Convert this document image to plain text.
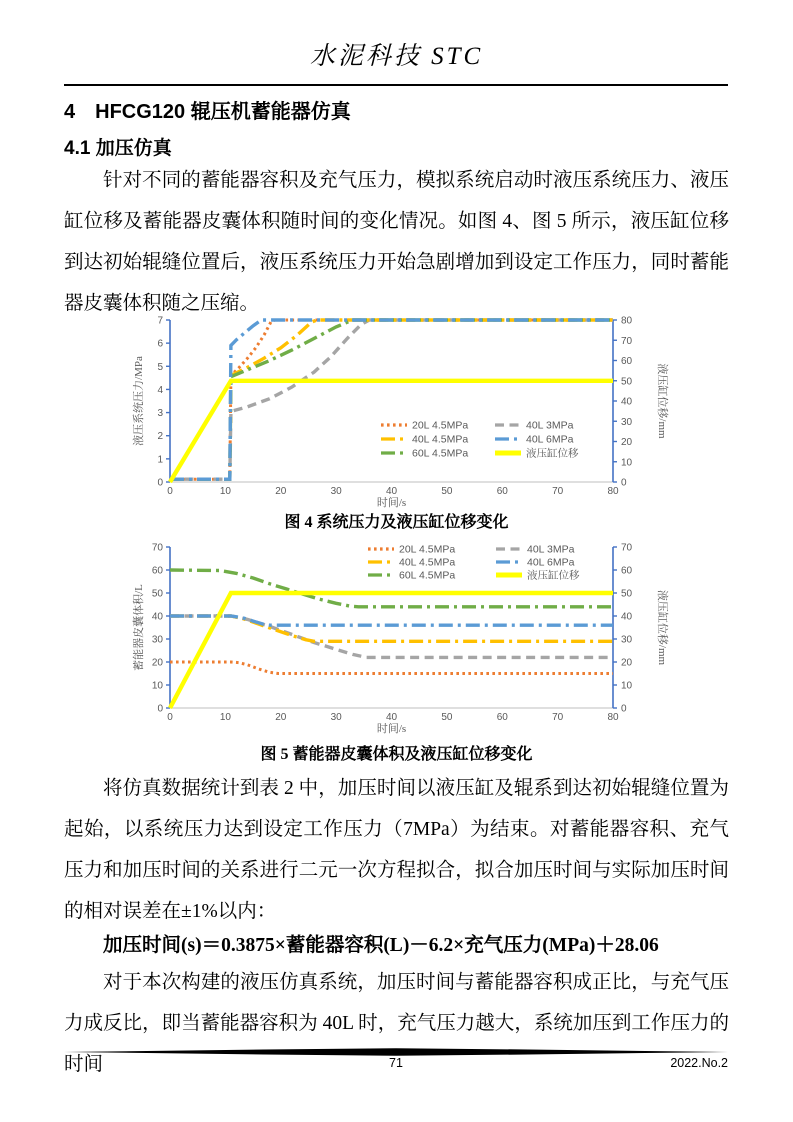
水泥科技 STC
4　HFCG120 辊压机蓄能器仿真
4.1 加压仿真
针对不同的蓄能器容积及充气压力，模拟系统启动时液压系统压力、液压缸位移及蓄能器皮囊体积随时间的变化情况。如图 4、图 5 所示，液压缸位移到达初始辊缝位置后，液压系统压力开始急剧增加到设定工作压力，同时蓄能器皮囊体积随之压缩。
0
1
2
3
4
5
6
7
0
10
20
30
40
50
60
70
80
0	10	20	30	40	50	60	70	80
液压系统压力/MPa	液压缸位移/mm
时间/s
20L 4.5MPa	40L 3MPa
40L 4.5MPa	40L 6MPa
60L 4.5MPa	液压缸位移
图 4 系统压力及液压缸位移变化
0
10
20
30
40
50
60
70
0
10
20
30
40
50
60
70
0	10	20	30	40	50	60	70	80
蓄能器皮囊体积/L	液压缸位移/mm
时间/s
20L 4.5MPa	40L 3MPa
40L 4.5MPa	40L 6MPa
60L 4.5MPa	液压缸位移
图 5 蓄能器皮囊体积及液压缸位移变化
将仿真数据统计到表 2 中，加压时间以液压缸及辊系到达初始辊缝位置为起始，以系统压力达到设定工作压力（7MPa）为结束。对蓄能器容积、充气压力和加压时间的关系进行二元一次方程拟合，拟合加压时间与实际加压时间的相对误差在±1%以内：
加压时间(s)＝0.3875×蓄能器容积(L)－6.2×充气压力(MPa)＋28.06
对于本次构建的液压仿真系统，加压时间与蓄能器容积成正比，与充气压力成反比，即当蓄能器容积为 40L 时，充气压力越大，系统加压到工作压力的时间	71	2022.No.2
